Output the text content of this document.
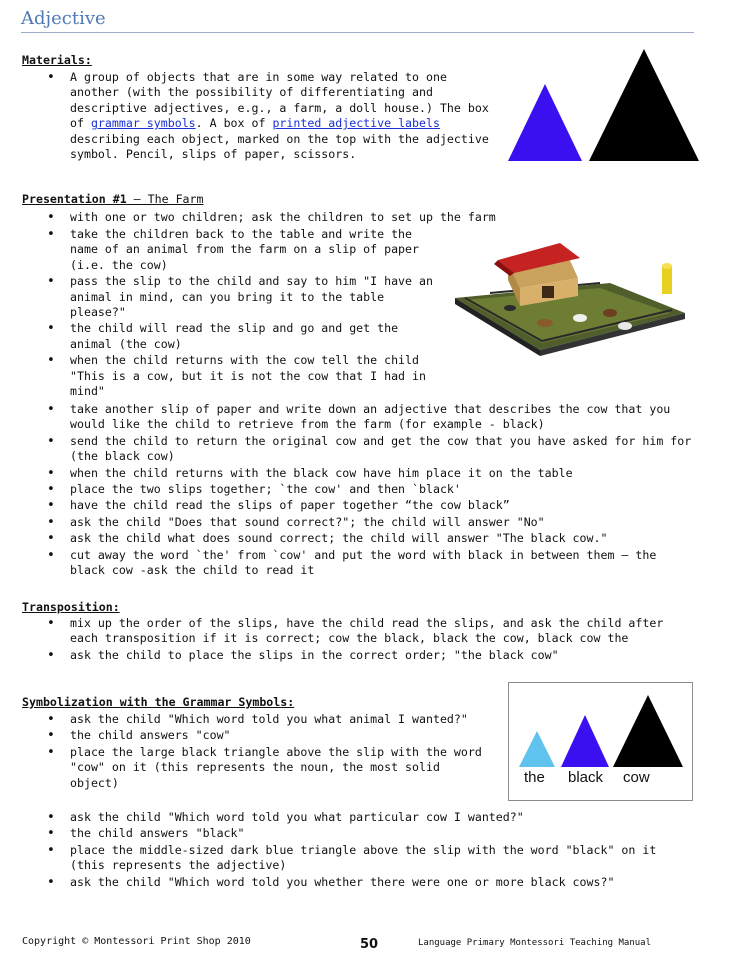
Adjective
Materials:
• A group of objects that are in some way related to one another (with the possibility of differentiating and descriptive adjectives, e.g., a farm, a doll house.) The box of grammar symbols. A box of printed adjective labels describing each object, marked on the top with the adjective symbol. Pencil, slips of paper, scissors.
Presentation #1 – The Farm
• with one or two children; ask the children to set up the farm
• take the children back to the table and write the name of an animal from the farm on a slip of paper (i.e. the cow)
• pass the slip to the child and say to him "I have an animal in mind, can you bring it to the table please?"
• the child will read the slip and go and get the animal (the cow)
• when the child returns with the cow tell the child "This is a cow, but it is not the cow that I had in mind"
• take another slip of paper and write down an adjective that describes the cow that you would like the child to retrieve from the farm (for example - black)
• send the child to return the original cow and get the cow that you have asked for him for (the black cow)
• when the child returns with the black cow have him place it on the table
• place the two slips together; `the cow' and then `black'
• have the child read the slips of paper together “the cow black”
• ask the child "Does that sound correct?"; the child will answer "No"
• ask the child what does sound correct; the child will answer "The black cow."
• cut away the word `the' from `cow' and put the word with black in between them – the black cow -ask the child to read it
Transposition:
• mix up the order of the slips, have the child read the slips, and ask the child after each transposition if it is correct; cow the black, black the cow, black cow the
• ask the child to place the slips in the correct order; "the black cow"
Symbolization with the Grammar Symbols:
• ask the child "Which word told you what animal I wanted?"
• the child answers "cow"
• place the large black triangle above the slip with the word "cow" on it (this represents the noun, the most solid object)
• ask the child "Which word told you what particular cow I wanted?"
• the child answers "black"
• place the middle-sized dark blue triangle above the slip with the word "black" on it (this represents the adjective)
• ask the child "Which word told you whether there were one or more black cows?"
the black cow
Copyright © Montessori Print Shop 2010	50	Language Primary Montessori Teaching Manual
